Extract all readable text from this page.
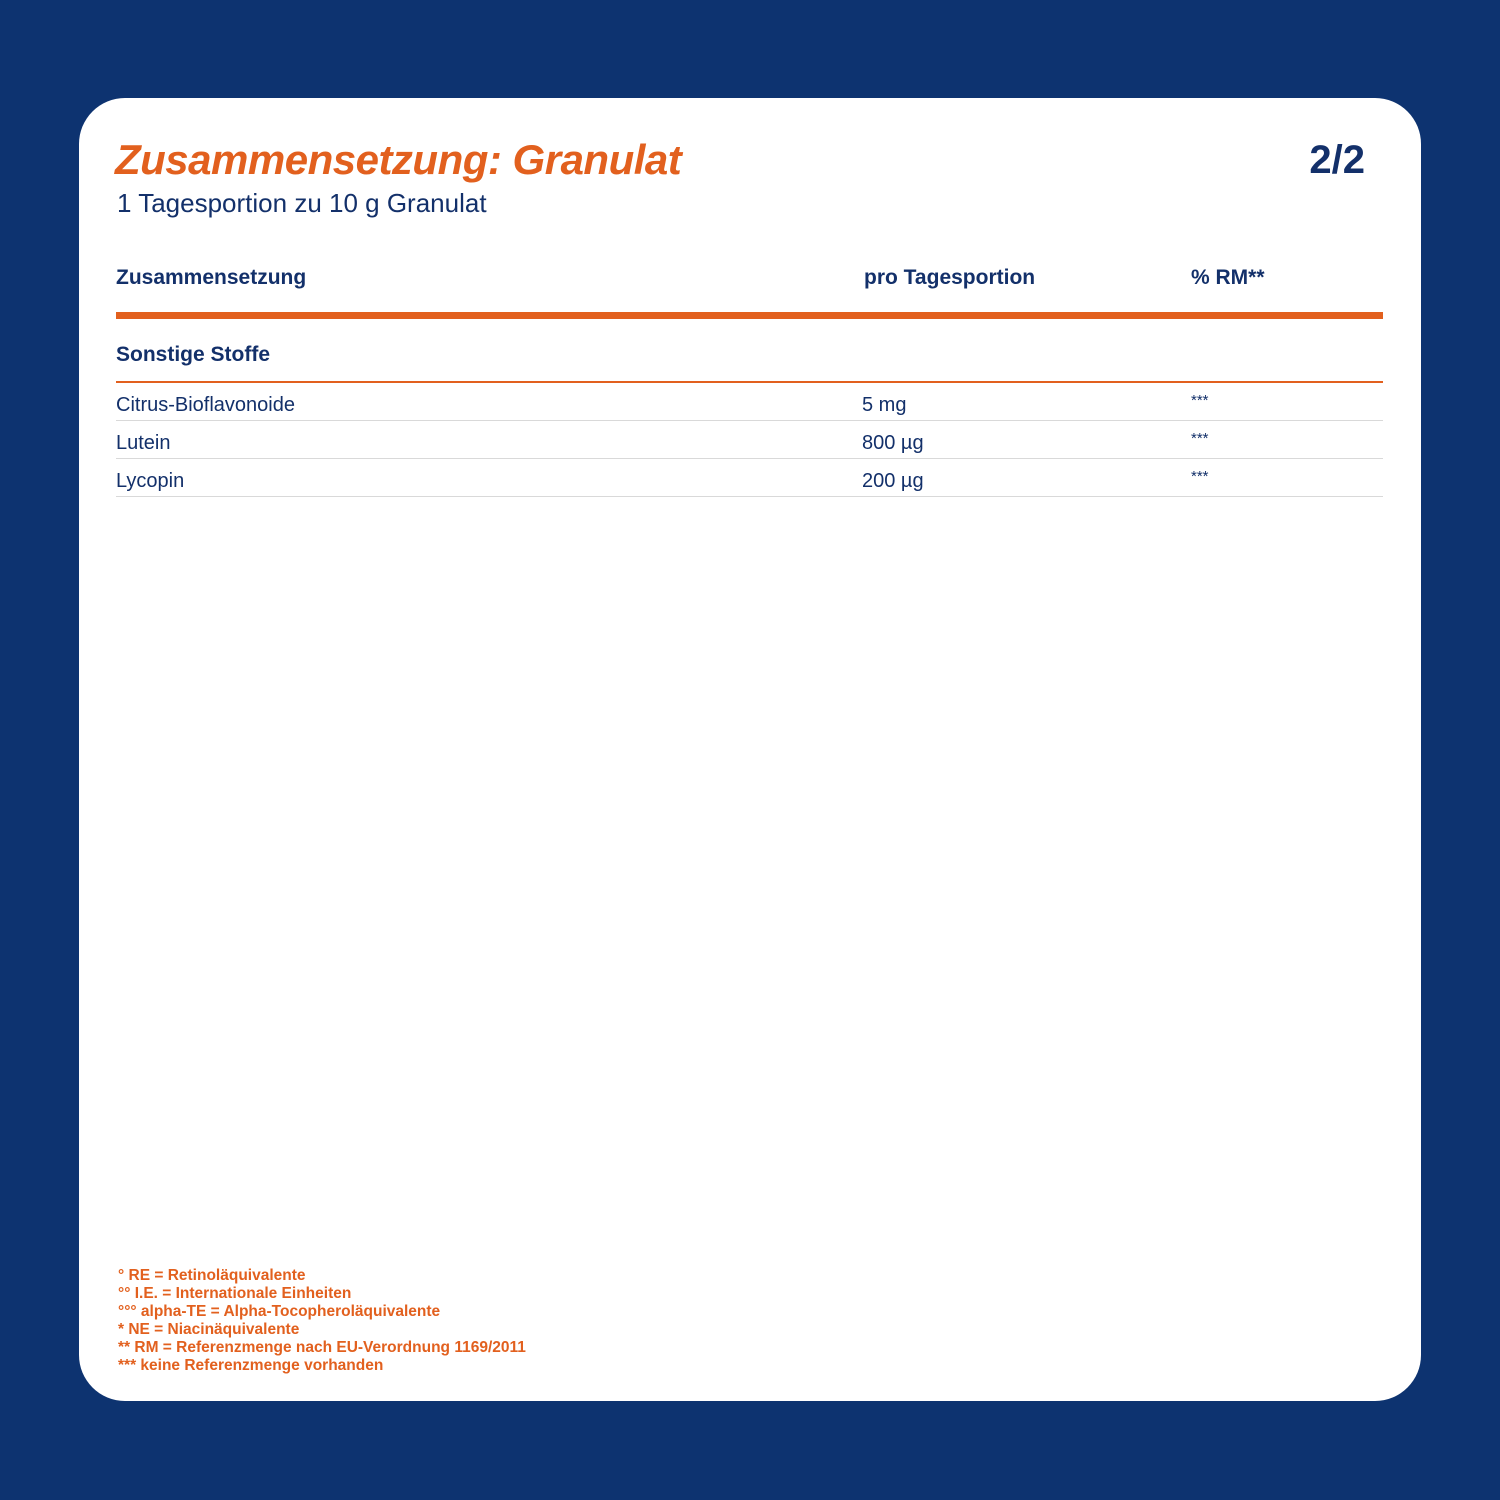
Zusammensetzung: Granulat	2/2
1 Tagesportion zu 10 g Granulat
Zusammensetzung	pro Tagesportion	% RM**
Sonstige Stoffe
Citrus-Bioflavonoide	5 mg	***
Lutein	800 µg	***
Lycopin	200 µg	***
° RE = Retinoläquivalente
°° I.E. = Internationale Einheiten
°°° alpha-TE = Alpha-Tocopheroläquivalente
* NE = Niacinäquivalente
** RM = Referenzmenge nach EU-Verordnung 1169/2011
*** keine Referenzmenge vorhanden
